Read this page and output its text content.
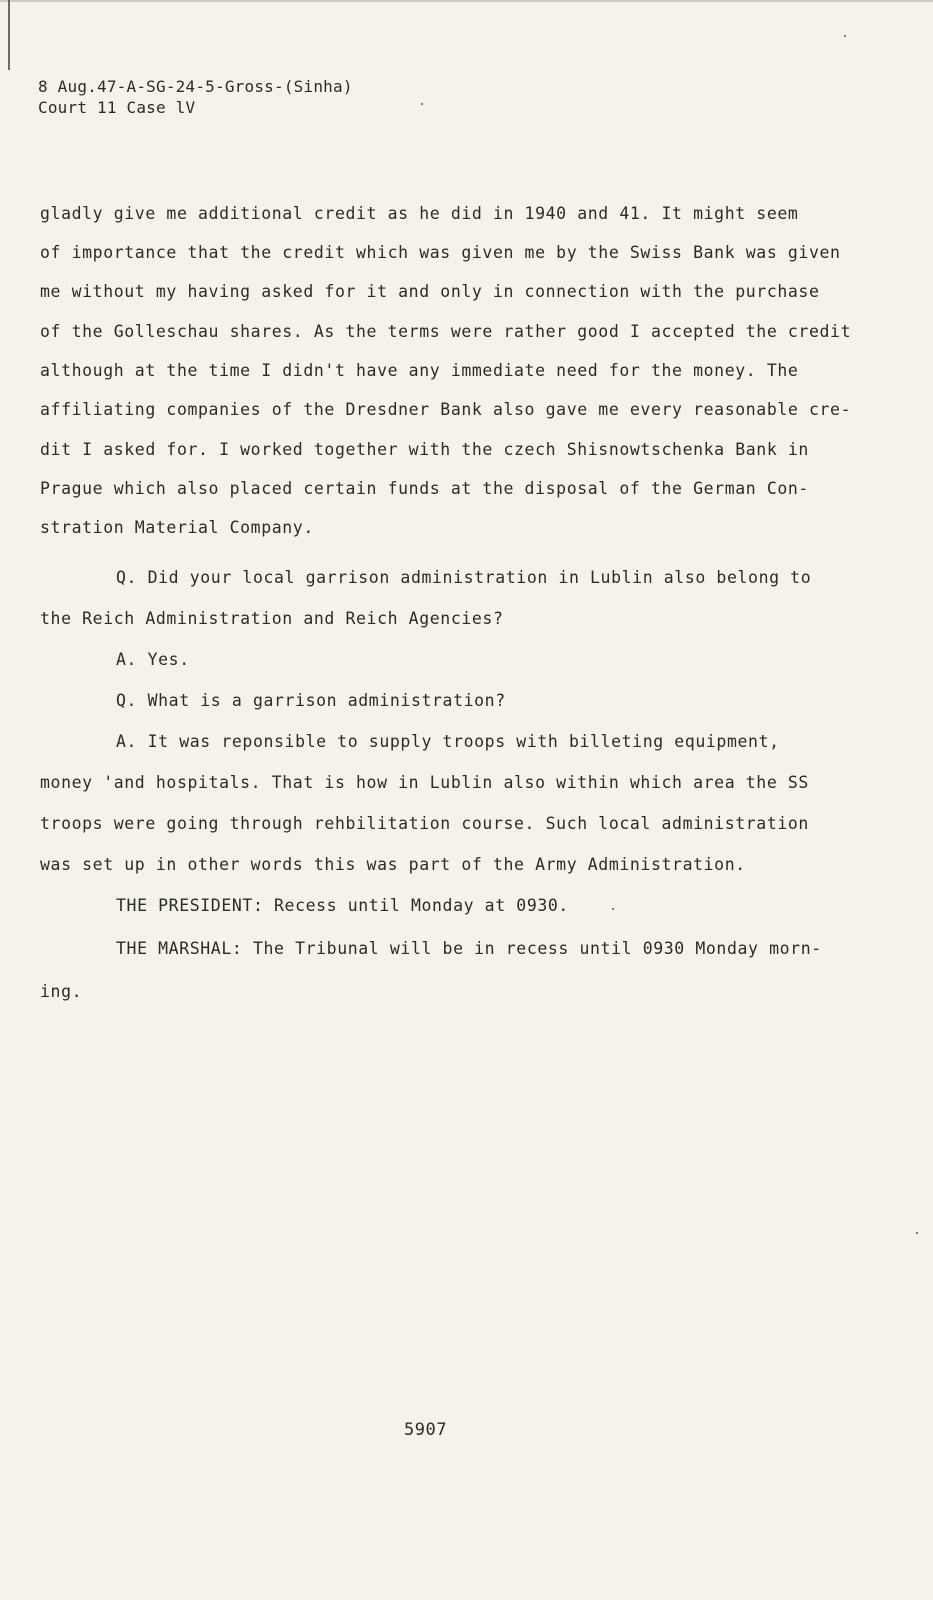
8 Aug.47-A-SG-24-5-Gross-(Sinha)
Court 11 Case lV
gladly give me additional credit as he did in 1940 and 41. It might seem
of importance that the credit which was given me by the Swiss Bank was given
me without my having asked for it and only in connection with the purchase
of the Golleschau shares. As the terms were rather good I accepted the credit
although at the time I didn't have any immediate need for the money. The
affiliating companies of the Dresdner Bank also gave me every reasonable cre-
dit I asked for. I worked together with the czech Shisnowtschenka Bank in
Prague which also placed certain funds at the disposal of the German Con-
stration Material Company.
Q. Did your local garrison administration in Lublin also belong to
the Reich Administration and Reich Agencies?
A. Yes.
Q. What is a garrison administration?
A. It was reponsible to supply troops with billeting equipment,
money 'and hospitals. That is how in Lublin also within which area the SS
troops were going through rehbilitation course. Such local administration
was set up in other words this was part of the Army Administration.
THE PRESIDENT: Recess until Monday at 0930.
THE MARSHAL: The Tribunal will be in recess until 0930 Monday morn-
ing.
5907
